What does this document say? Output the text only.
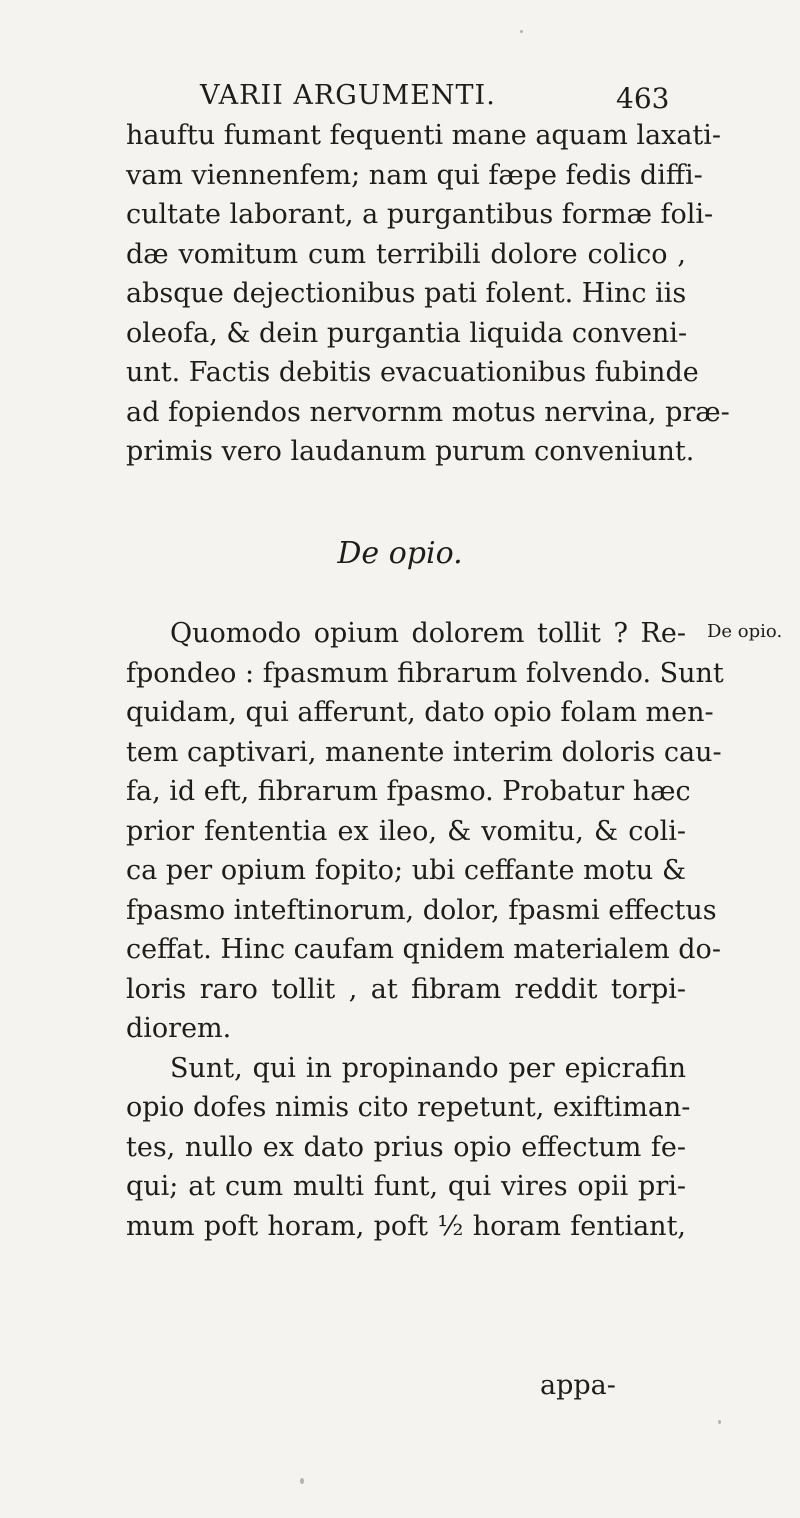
VARII ARGUMENTI.	463
hauftu fumant fequenti mane aquam laxati-
vam viennenfem; nam qui fæpe fedis diffi-
cultate laborant, a purgantibus formæ foli-
dæ vomitum cum terribili dolore colico ,
absque dejectionibus pati folent. Hinc iis
oleofa, & dein purgantia liquida conveni-
unt. Factis debitis evacuationibus fubinde
ad fopiendos nervornm motus nervina, præ-
primis vero laudanum purum conveniunt.
De opio.
De opio.
Quomodo opium dolorem tollit ? Re-
fpondeo : fpasmum fibrarum folvendo. Sunt
quidam, qui afferunt, dato opio folam men-
tem captivari, manente interim doloris cau-
fa, id eft, fibrarum fpasmo. Probatur hæc
prior fententia ex ileo, & vomitu, & coli-
ca per opium fopito; ubi ceffante motu &
fpasmo inteftinorum, dolor, fpasmi effectus
ceffat. Hinc caufam qnidem materialem do-
loris raro tollit , at fibram reddit torpi-
diorem.
Sunt, qui in propinando per epicrafin
opio dofes nimis cito repetunt, exiftiman-
tes, nullo ex dato prius opio effectum fe-
qui; at cum multi funt, qui vires opii pri-
mum poft horam, poft ½ horam fentiant,
appa-
